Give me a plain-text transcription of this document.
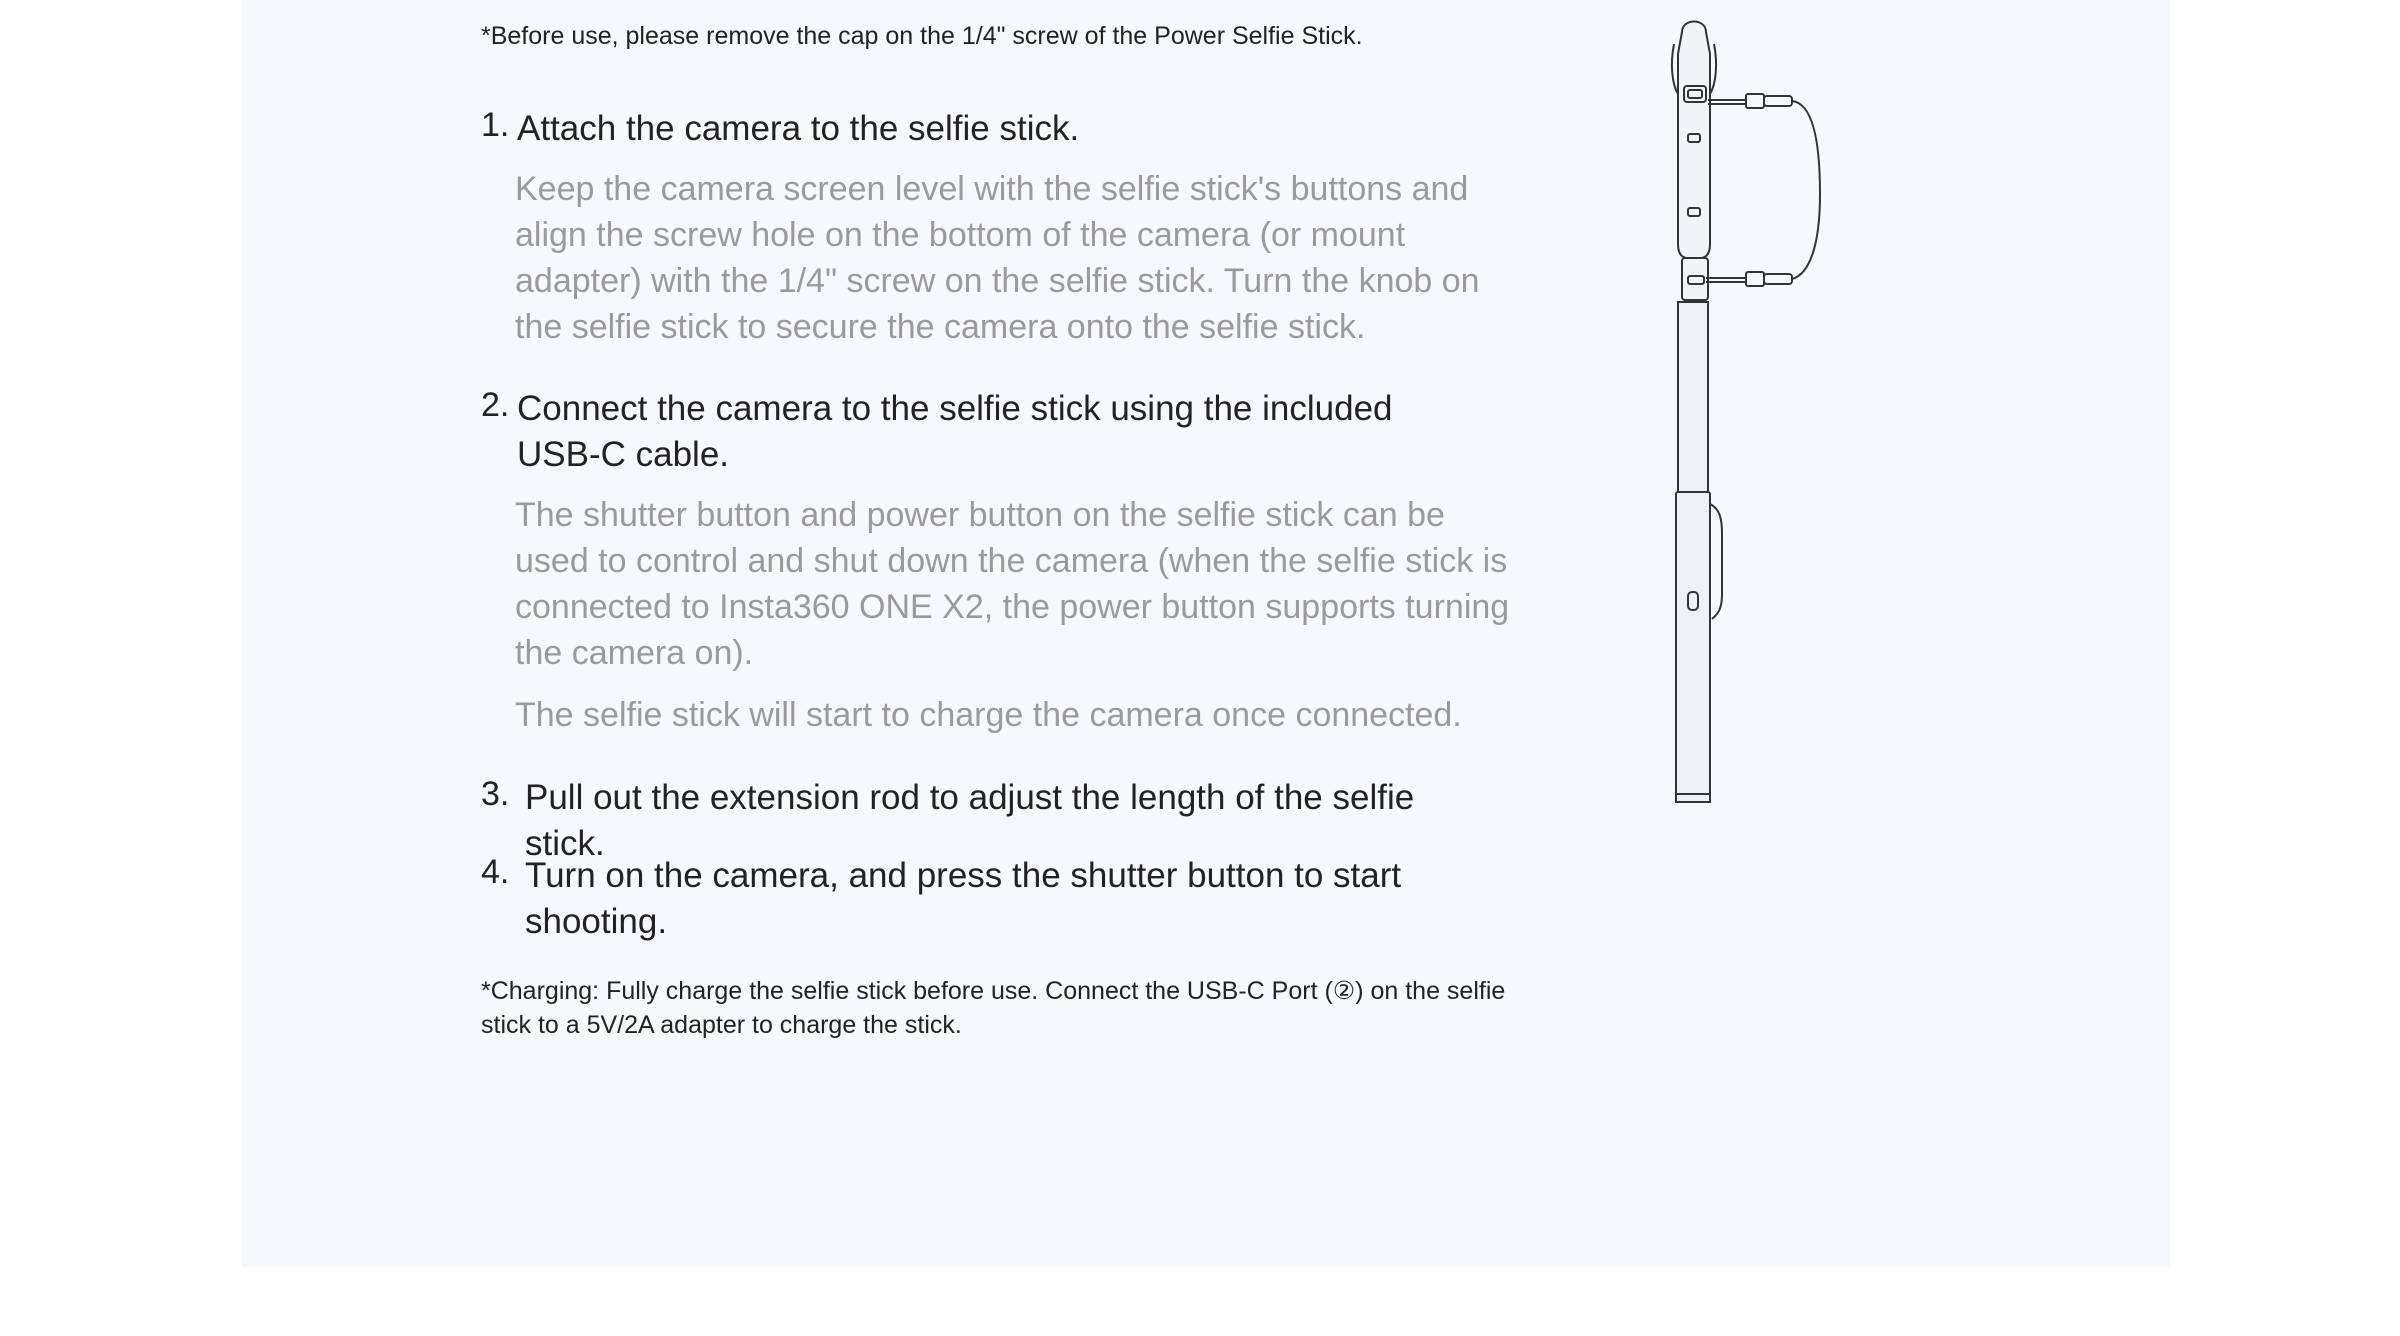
*Before use, please remove the cap on the 1/4" screw of the Power Selfie Stick.
1. Attach the camera to the selfie stick.
Keep the camera screen level with the selfie stick's buttons and align the screw hole on the bottom of the camera (or mount adapter) with the 1/4" screw on the selfie stick. Turn the knob on the selfie stick to secure the camera onto the selfie stick.
2. Connect the camera to the selfie stick using the included USB-C cable.
The shutter button and power button on the selfie stick can be used to control and shut down the camera (when the selfie stick is connected to Insta360 ONE X2, the power button supports turning the camera on).
The selfie stick will start to charge the camera once connected.
3. Pull out the extension rod to adjust the length of the selfie stick.
4. Turn on the camera, and press the shutter button to start shooting.
*Charging: Fully charge the selfie stick before use. Connect the USB-C Port (②) on the selfie stick to a 5V/2A adapter to charge the stick.
